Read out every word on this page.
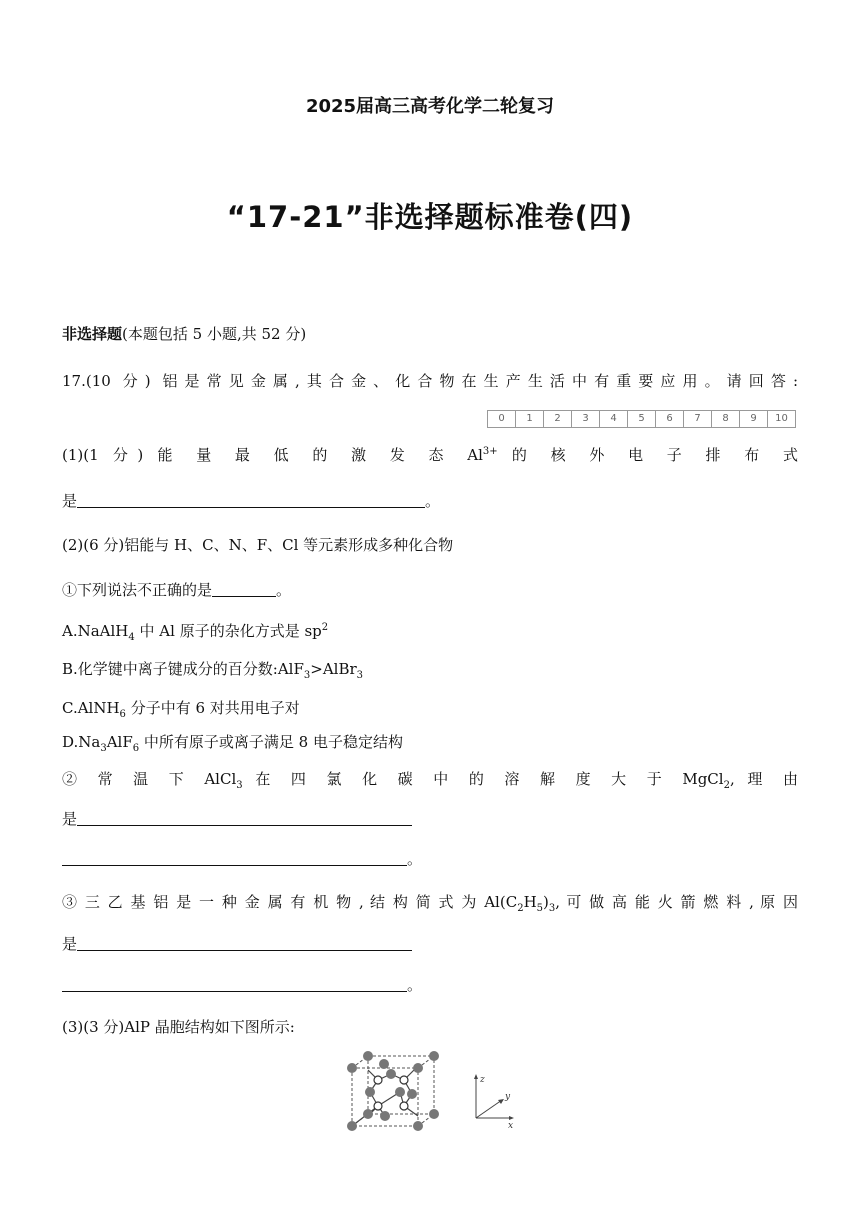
2025届高三高考化学二轮复习
“17-21”非选择题标准卷(四)
非选择题(本题包括 5 小题,共 52 分)
17.(10 分) 铝是常见金属,其合金、化合物在生产生活中有重要应用。请回答:
0	1	2	3	4	5	6	7	8	9	10
(1)(1 分) 能 量 最 低 的 激 发 态 $Al^{3+}$ 的 核 外 电 子 排 布 式
是	。
(2)(6 分)铝能与 H、C、N、F、Cl 等元素形成多种化合物
①下列说法不正确的是	。
A.NaAlH$_4$ 中 Al 原子的杂化方式是 $sp^2$
B.化学键中离子键成分的百分数:AlF$_3$>AlBr$_3$
C.AlNH$_6$ 分子中有 6 对共用电子对
$D.Na_3AlF_6$ 中所有原子或离子满足 8 电子稳定结构
② 常 温 下 AlCl$_3$ 在 四 氯 化 碳 中 的 溶 解 度 大 于 MgCl$_2$, 理 由
是
。
③ 三 乙 基 铝 是 一 种 金 属 有 机 物 , 结 构 简 式 为 $Al(C_2H_5)_3$, 可 做 高 能 火 箭 燃 料 , 原 因
是
。
(3)(3 分)AlP 晶胞结构如下图所示:
z
y
x
